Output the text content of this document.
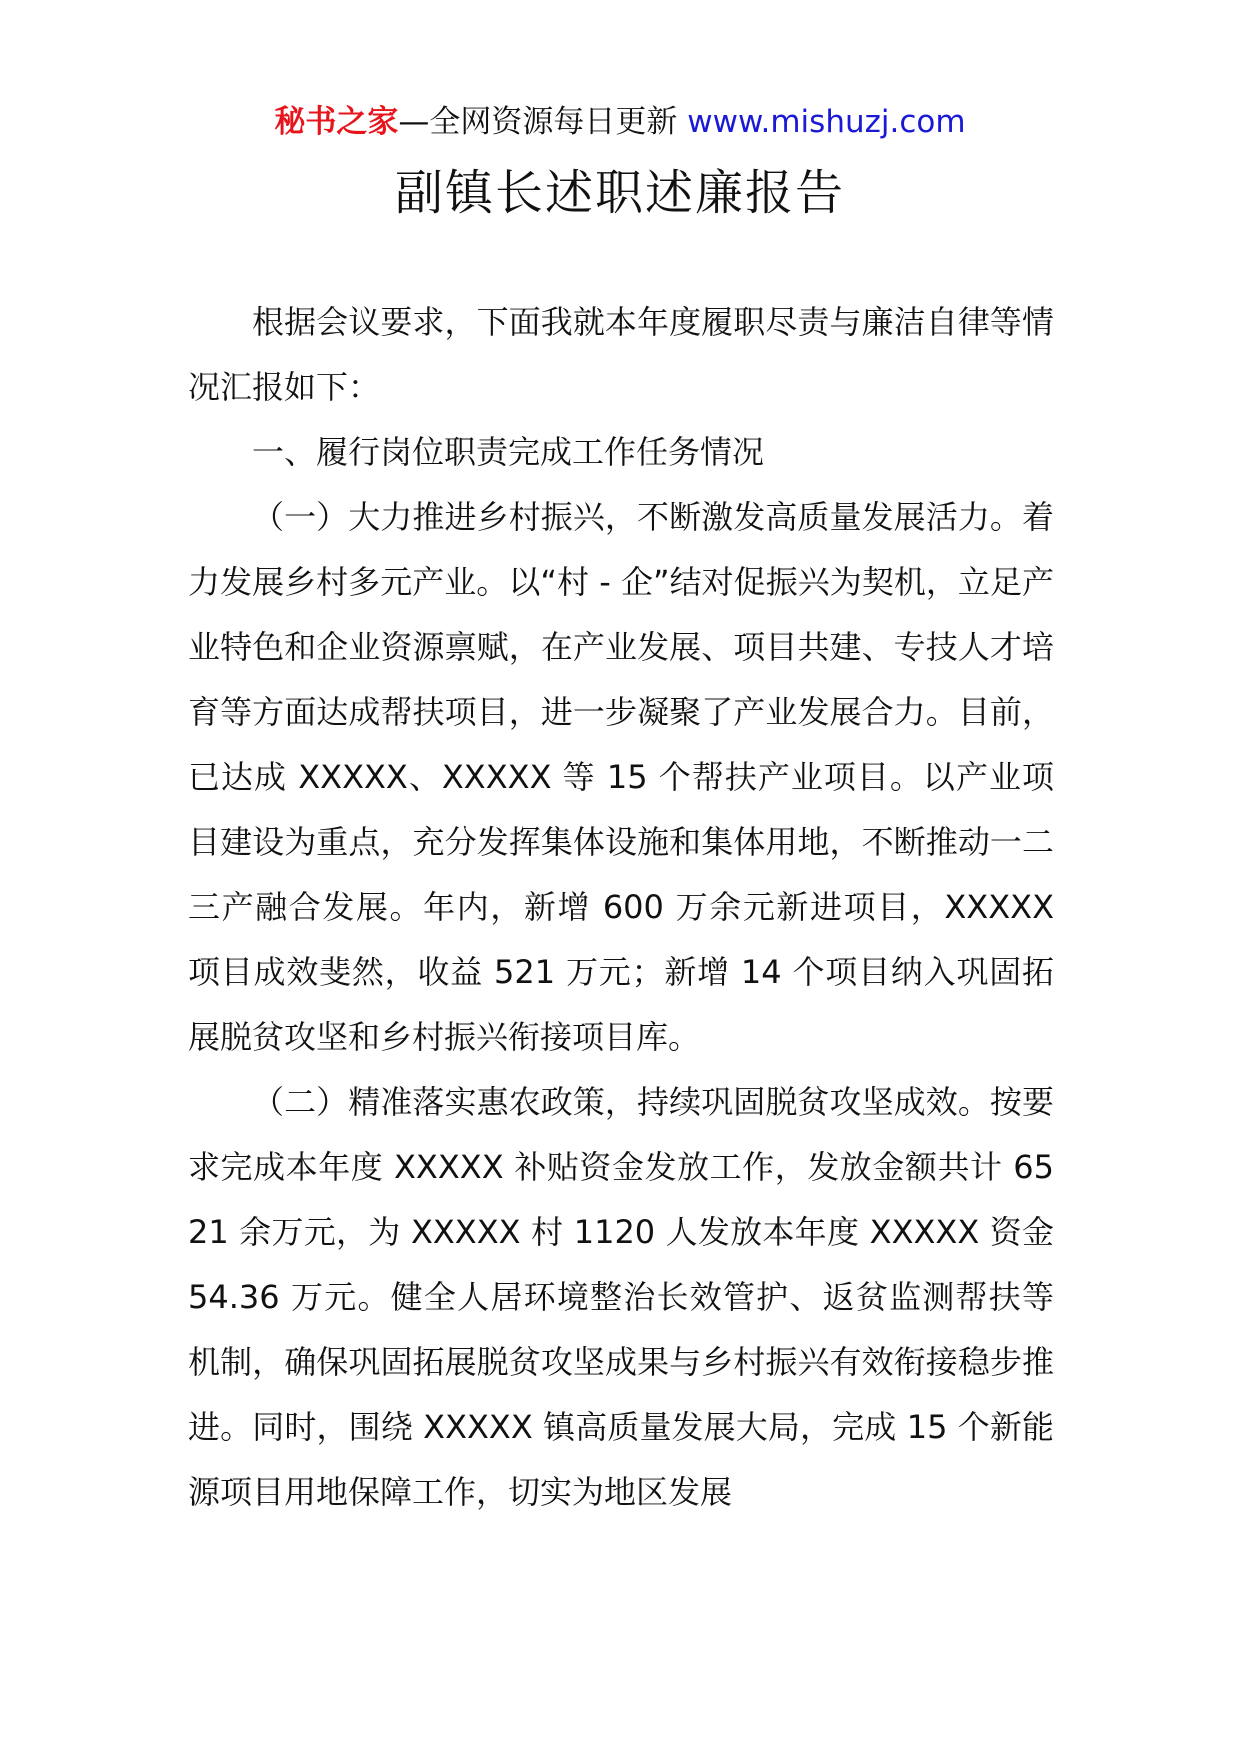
秘书之家—全网资源每日更新 www.mishuzj.com
副镇长述职述廉报告

根据会议要求，下面我就本年度履职尽责与廉洁自律等情况汇报如下：

一、履行岗位职责完成工作任务情况

（一）大力推进乡村振兴，不断激发高质量发展活力。着力发展乡村多元产业。以“村 - 企”结对促振兴为契机，立足产业特色和企业资源禀赋，在产业发展、项目共建、专技人才培育等方面达成帮扶项目，进一步凝聚了产业发展合力。目前，已达成 XXXXX、XXXXX 等 15 个帮扶产业项目。以产业项目建设为重点，充分发挥集体设施和集体用地，不断推动一二三产融合发展。年内，新增 600 万余元新进项目，XXXXX 项目成效斐然，收益 521 万元；新增 14 个项目纳入巩固拓展脱贫攻坚和乡村振兴衔接项目库。

（二）精准落实惠农政策，持续巩固脱贫攻坚成效。按要求完成本年度 XXXXX 补贴资金发放工作，发放金额共计 6521 余万元，为 XXXXX 村 1120 人发放本年度 XXXXX 资金 54.36 万元。健全人居环境整治长效管护、返贫监测帮扶等机制，确保巩固拓展脱贫攻坚成果与乡村振兴有效衔接稳步推进。同时，围绕 XXXXX 镇高质量发展大局，完成 15 个新能源项目用地保障工作，切实为地区发展
